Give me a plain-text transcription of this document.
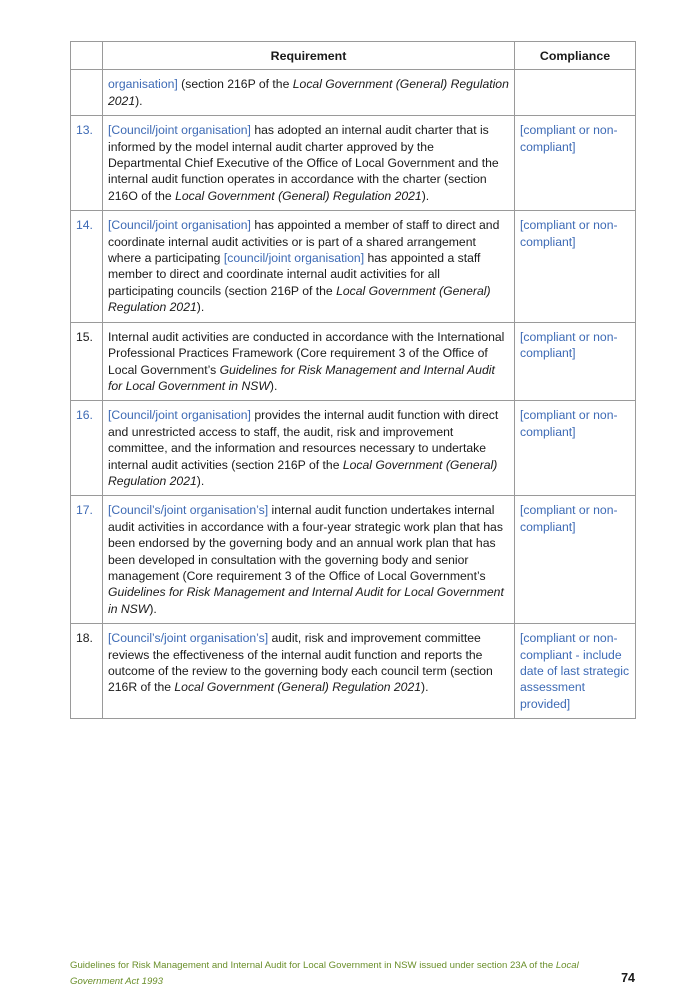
	Requirement	Compliance
	organisation] (section 216P of the Local Government (General) Regulation 2021).	
13.	[Council/joint organisation] has adopted an internal audit charter that is informed by the model internal audit charter approved by the Departmental Chief Executive of the Office of Local Government and the internal audit function operates in accordance with the charter (section 216O of the Local Government (General) Regulation 2021).	[compliant or non-compliant]
14.	[Council/joint organisation] has appointed a member of staff to direct and coordinate internal audit activities or is part of a shared arrangement where a participating [council/joint organisation] has appointed a staff member to direct and coordinate internal audit activities for all participating councils (section 216P of the Local Government (General) Regulation 2021).	[compliant or non-compliant]
15.	Internal audit activities are conducted in accordance with the International Professional Practices Framework (Core requirement 3 of the Office of Local Government’s Guidelines for Risk Management and Internal Audit for Local Government in NSW).	[compliant or non-compliant]
16.	[Council/joint organisation] provides the internal audit function with direct and unrestricted access to staff, the audit, risk and improvement committee, and the information and resources necessary to undertake internal audit activities (section 216P of the Local Government (General) Regulation 2021).	[compliant or non-compliant]
17.	[Council’s/joint organisation’s] internal audit function undertakes internal audit activities in accordance with a four-year strategic work plan that has been endorsed by the governing body and an annual work plan that has been developed in consultation with the governing body and senior management (Core requirement 3 of the Office of Local Government’s Guidelines for Risk Management and Internal Audit for Local Government in NSW).	[compliant or non-compliant]
18.	[Council’s/joint organisation’s] audit, risk and improvement committee reviews the effectiveness of the internal audit function and reports the outcome of the review to the governing body each council term (section 216R of the Local Government (General) Regulation 2021).	[compliant or non-compliant - include date of last strategic assessment provided]
Guidelines for Risk Management and Internal Audit for Local Government in NSW issued under section 23A of the Local Government Act 1993	74
